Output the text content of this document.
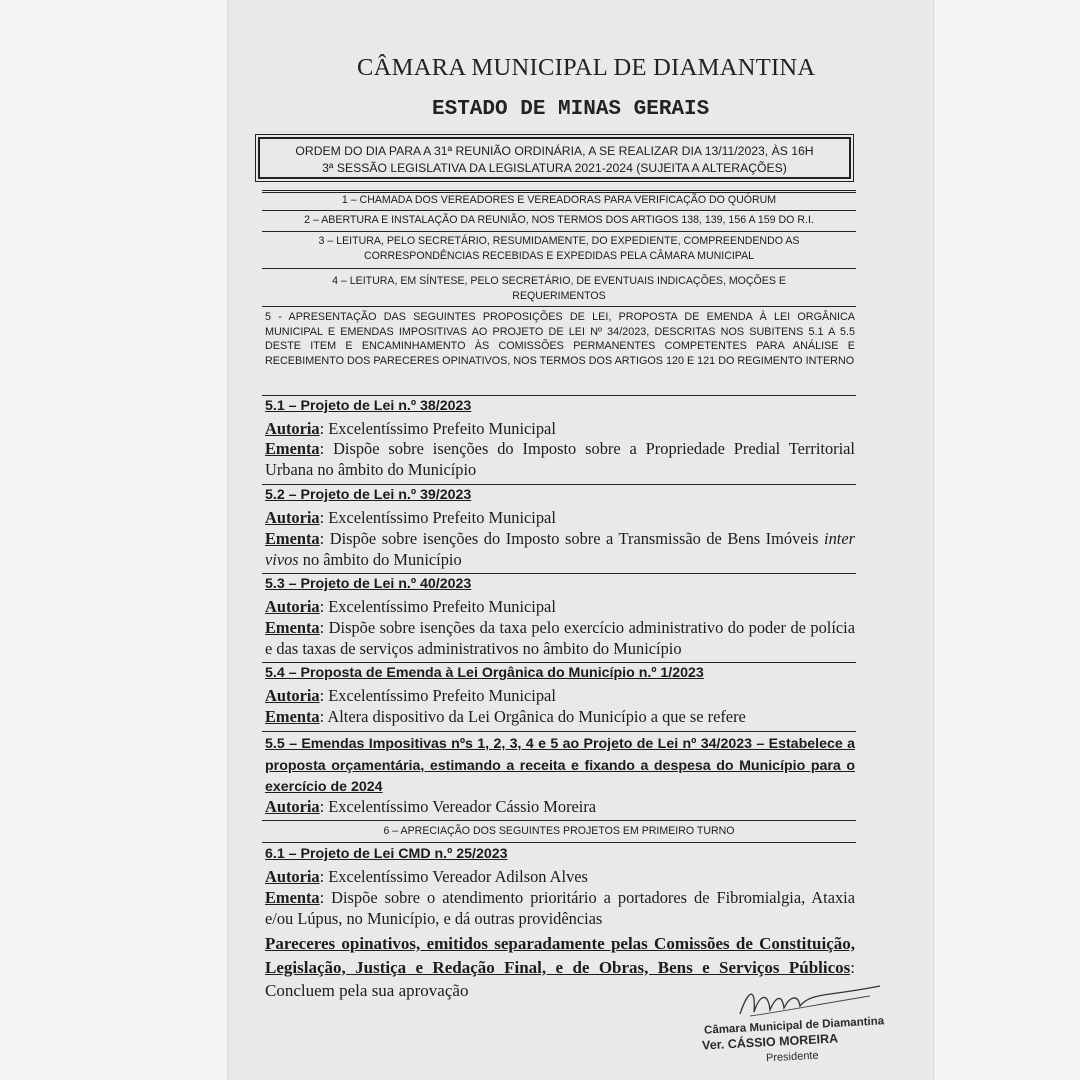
CÂMARA MUNICIPAL DE DIAMANTINA
ESTADO DE MINAS GERAIS
ORDEM DO DIA PARA A 31ª REUNIÃO ORDINÁRIA, A SE REALIZAR DIA 13/11/2023, ÀS 16H
3ª SESSÃO LEGISLATIVA DA LEGISLATURA 2021-2024 (SUJEITA A ALTERAÇÕES)
1 – CHAMADA DOS VEREADORES E VEREADORAS PARA VERIFICAÇÃO DO QUÓRUM
2 – ABERTURA E INSTALAÇÃO DA REUNIÃO, NOS TERMOS DOS ARTIGOS 138, 139, 156 A 159 DO R.I.
3 – LEITURA, PELO SECRETÁRIO, RESUMIDAMENTE, DO EXPEDIENTE, COMPREENDENDO AS
CORRESPONDÊNCIAS RECEBIDAS E EXPEDIDAS PELA CÂMARA MUNICIPAL
4 – LEITURA, EM SÍNTESE, PELO SECRETÁRIO, DE EVENTUAIS INDICAÇÕES, MOÇÕES E
REQUERIMENTOS
5 - APRESENTAÇÃO DAS SEGUINTES PROPOSIÇÕES DE LEI, PROPOSTA DE EMENDA À LEI ORGÂNICA MUNICIPAL E EMENDAS IMPOSITIVAS AO PROJETO DE LEI Nº 34/2023, DESCRITAS NOS SUBITENS 5.1 A 5.5 DESTE ITEM E ENCAMINHAMENTO ÀS COMISSÕES PERMANENTES COMPETENTES PARA ANÁLISE E RECEBIMENTO DOS PARECERES OPINATIVOS, NOS TERMOS DOS ARTIGOS 120 E 121 DO REGIMENTO INTERNO
5.1 – Projeto de Lei n.º 38/2023
Autoria: Excelentíssimo Prefeito Municipal
Ementa: Dispõe sobre isenções do Imposto sobre a Propriedade Predial Territorial Urbana no âmbito do Município
5.2 – Projeto de Lei n.º 39/2023
Autoria: Excelentíssimo Prefeito Municipal
Ementa: Dispõe sobre isenções do Imposto sobre a Transmissão de Bens Imóveis inter vivos no âmbito do Município
5.3 – Projeto de Lei n.º 40/2023
Autoria: Excelentíssimo Prefeito Municipal
Ementa: Dispõe sobre isenções da taxa pelo exercício administrativo do poder de polícia e das taxas de serviços administrativos no âmbito do Município
5.4 – Proposta de Emenda à Lei Orgânica do Município n.º 1/2023
Autoria: Excelentíssimo Prefeito Municipal
Ementa: Altera dispositivo da Lei Orgânica do Município a que se refere
5.5 – Emendas Impositivas nºs 1, 2, 3, 4 e 5 ao Projeto de Lei nº 34/2023 – Estabelece a proposta orçamentária, estimando a receita e fixando a despesa do Município para o exercício de 2024
Autoria: Excelentíssimo Vereador Cássio Moreira
6 – APRECIAÇÃO DOS SEGUINTES PROJETOS EM PRIMEIRO TURNO
6.1 – Projeto de Lei CMD n.º 25/2023
Autoria: Excelentíssimo Vereador Adilson Alves
Ementa: Dispõe sobre o atendimento prioritário a portadores de Fibromialgia, Ataxia e/ou Lúpus, no Município, e dá outras providências
Pareceres opinativos, emitidos separadamente pelas Comissões de Constituição, Legislação, Justiça e Redação Final, e de Obras, Bens e Serviços Públicos: Concluem pela sua aprovação
Câmara Municipal de Diamantina
Ver. CÁSSIO MOREIRA
Presidente
